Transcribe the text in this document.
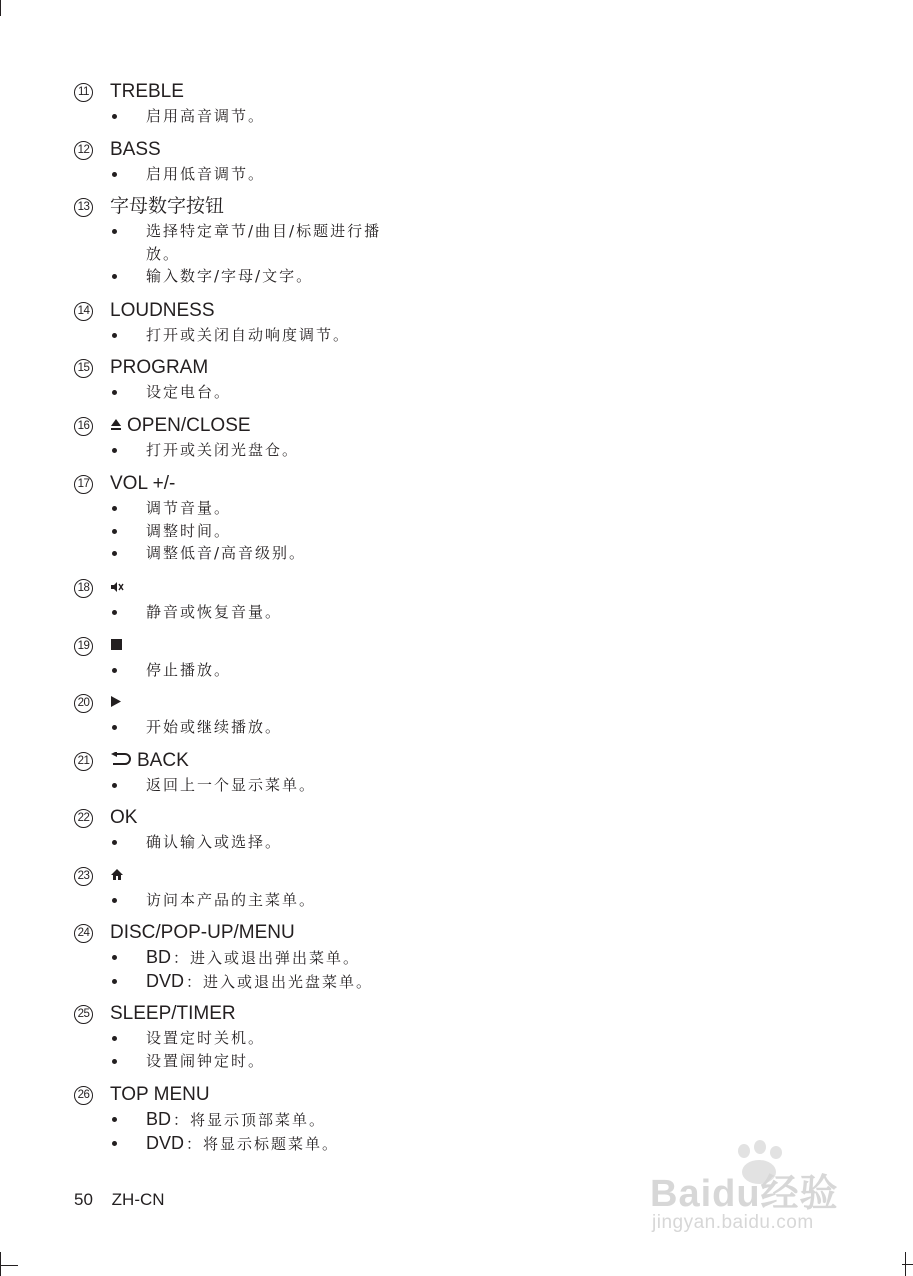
11 TREBLE
启用高音调节。
12 BASS
启用低音调节。
13 字母数字按钮
选择特定章节/曲目/标题进行播
放。
输入数字/字母/文字。
14 LOUDNESS
打开或关闭自动响度调节。
15 PROGRAM
设定电台。
16 OPEN/CLOSE
打开或关闭光盘仓。
17 VOL +/-
调节音量。
调整时间。
调整低音/高音级别。
18
静音或恢复音量。
19
停止播放。
20
开始或继续播放。
21	BACK
返回上一个显示菜单。
22 OK
确认输入或选择。
23
访问本产品的主菜单。
24 DISC/POP-UP/MENU
BD ：进入或退出弹出菜单。
DVD ：进入或退出光盘菜单。
25 SLEEP/TIMER
设置定时关机。
设置闹钟定时。
26 TOP MENU
BD ：将显示顶部菜单。
DVD ：将显示标题菜单。
50 ZH-CN	Baidu经验
jingyan.baidu.com
